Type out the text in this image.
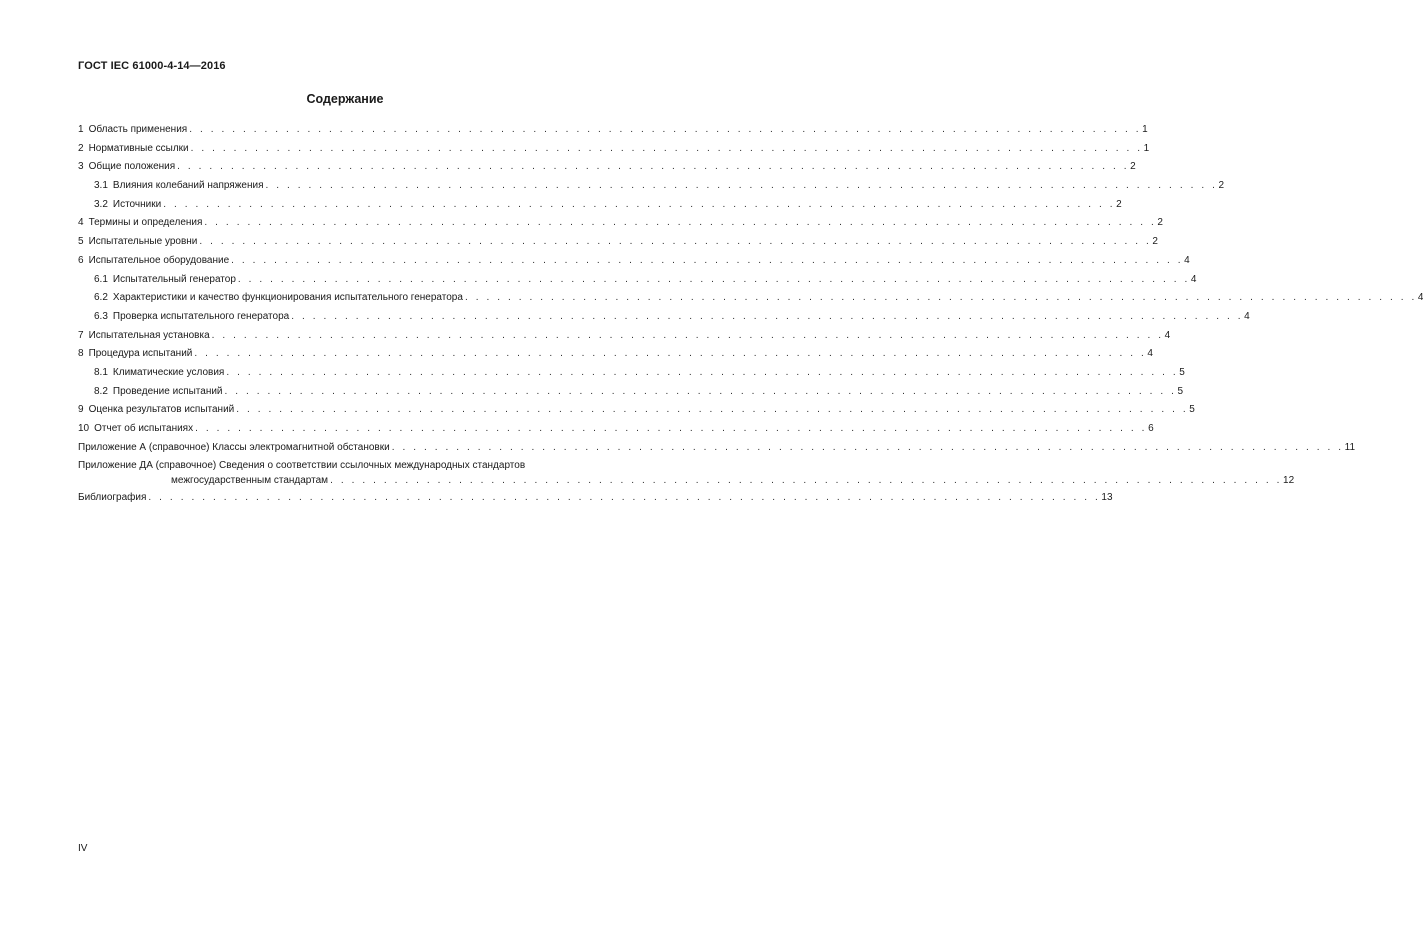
ГОСТ IEC 61000-4-14—2016
Содержание
1 Область применения . . . . . . . . . . . . . . . . . . . . . . . . . . . . . . . . . . . . . . . . . . . . . . . . . . . . . . . . . . . . . . . . . . . . . . . . . . . . . . . . . . . . . . . . . 1
2 Нормативные ссылки . . . . . . . . . . . . . . . . . . . . . . . . . . . . . . . . . . . . . . . . . . . . . . . . . . . . . . . . . . . . . . . . . . . . . . . . . . . . . . . . . . . . . . . . . 1
3 Общие положения . . . . . . . . . . . . . . . . . . . . . . . . . . . . . . . . . . . . . . . . . . . . . . . . . . . . . . . . . . . . . . . . . . . . . . . . . . . . . . . . . . . . . . . . . 2
3.1 Влияния колебаний напряжения . . . . . . . . . . . . . . . . . . . . . . . . . . . . . . . . . . . . . . . . . . . . . . . . . . . . . . . . . . . . . . . . . . . . . . . . . . . . . . . . . . . . . . . . . 2
3.2 Источники . . . . . . . . . . . . . . . . . . . . . . . . . . . . . . . . . . . . . . . . . . . . . . . . . . . . . . . . . . . . . . . . . . . . . . . . . . . . . . . . . . . . . . . . . 2
4 Термины и определения . . . . . . . . . . . . . . . . . . . . . . . . . . . . . . . . . . . . . . . . . . . . . . . . . . . . . . . . . . . . . . . . . . . . . . . . . . . . . . . . . . . . . . . . . 2
5 Испытательные уровни . . . . . . . . . . . . . . . . . . . . . . . . . . . . . . . . . . . . . . . . . . . . . . . . . . . . . . . . . . . . . . . . . . . . . . . . . . . . . . . . . . . . . . . . . 2
6 Испытательное оборудование . . . . . . . . . . . . . . . . . . . . . . . . . . . . . . . . . . . . . . . . . . . . . . . . . . . . . . . . . . . . . . . . . . . . . . . . . . . . . . . . . . . . . . . . . 4
6.1 Испытательный генератор . . . . . . . . . . . . . . . . . . . . . . . . . . . . . . . . . . . . . . . . . . . . . . . . . . . . . . . . . . . . . . . . . . . . . . . . . . . . . . . . . . . . . . . . . 4
6.2 Характеристики и качество функционирования испытательного генератора . . . . . . . . . . . . . . . . . . . . . . . . . . . . . . . . . . . . . . . . . . . . . . . . . . . . . . . . . . . . . . . . . . . . . . . . . . . . . . . . . . . . . . . . . 4
6.3 Проверка испытательного генератора . . . . . . . . . . . . . . . . . . . . . . . . . . . . . . . . . . . . . . . . . . . . . . . . . . . . . . . . . . . . . . . . . . . . . . . . . . . . . . . . . . . . . . . . . 4
7 Испытательная установка . . . . . . . . . . . . . . . . . . . . . . . . . . . . . . . . . . . . . . . . . . . . . . . . . . . . . . . . . . . . . . . . . . . . . . . . . . . . . . . . . . . . . . . . . 4
8 Процедура испытаний . . . . . . . . . . . . . . . . . . . . . . . . . . . . . . . . . . . . . . . . . . . . . . . . . . . . . . . . . . . . . . . . . . . . . . . . . . . . . . . . . . . . . . . . . 4
8.1 Климатические условия . . . . . . . . . . . . . . . . . . . . . . . . . . . . . . . . . . . . . . . . . . . . . . . . . . . . . . . . . . . . . . . . . . . . . . . . . . . . . . . . . . . . . . . . . 5
8.2 Проведение испытаний . . . . . . . . . . . . . . . . . . . . . . . . . . . . . . . . . . . . . . . . . . . . . . . . . . . . . . . . . . . . . . . . . . . . . . . . . . . . . . . . . . . . . . . . . 5
9 Оценка результатов испытаний . . . . . . . . . . . . . . . . . . . . . . . . . . . . . . . . . . . . . . . . . . . . . . . . . . . . . . . . . . . . . . . . . . . . . . . . . . . . . . . . . . . . . . . . . 5
10 Отчет об испытаниях . . . . . . . . . . . . . . . . . . . . . . . . . . . . . . . . . . . . . . . . . . . . . . . . . . . . . . . . . . . . . . . . . . . . . . . . . . . . . . . . . . . . . . . . . 6
Приложение А (справочное) Классы электромагнитной обстановки . . . . . . . . . . . . . . . . . . . . . . . . . . . . . . . . . . . . . . . . . . . . . . . . . . . . . . . . . . . . . . . . . . . . . . . . . . . . . . . . . . . . . . . . . 11
Приложение ДА (справочное) Сведения о соответствии ссылочных международных стандартов
межгосударственным стандартам . . . . . . . . . . . . . . . . . . . . . . . . . . . . . . . . . . . . . . . . . . . . . . . . . . . . . . . . . . . . . . . . . . . . . . . . . . . . . . . . . . . . . . . . . 12
Библиография . . . . . . . . . . . . . . . . . . . . . . . . . . . . . . . . . . . . . . . . . . . . . . . . . . . . . . . . . . . . . . . . . . . . . . . . . . . . . . . . . . . . . . . . . 13
IV
